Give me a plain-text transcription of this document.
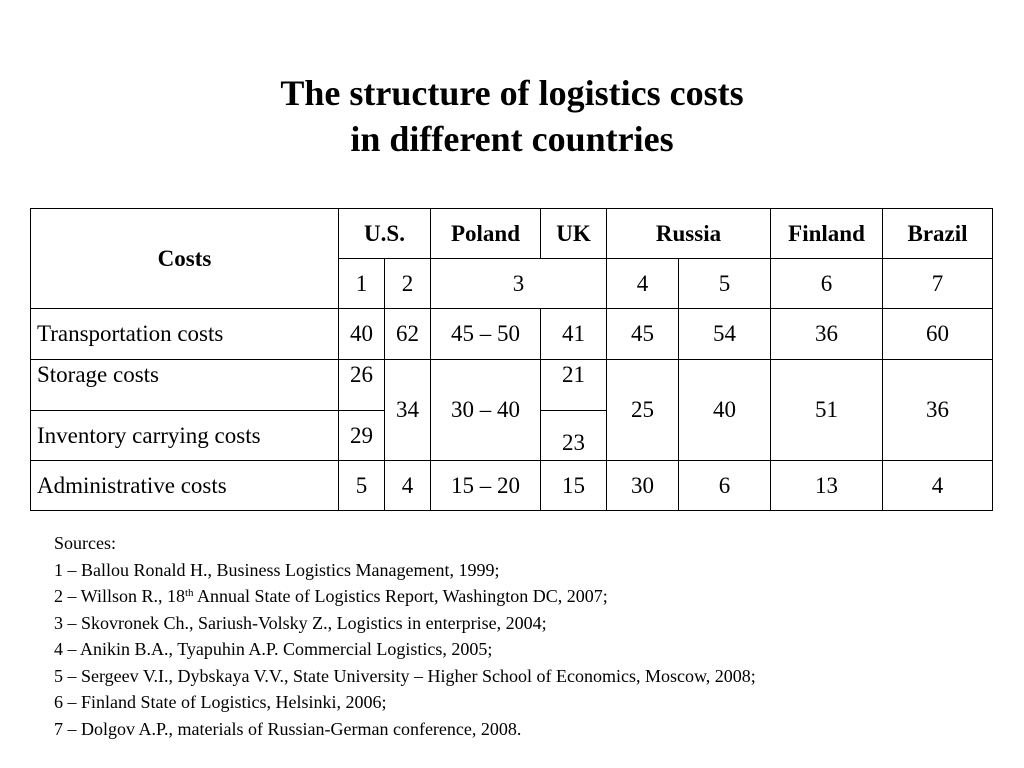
The structure of logistics costs
in different countries
Costs	U.S.		Poland	UK	Russia		Finland	Brazil
	1	2	3		4	5	6	7
Transportation costs	40	62	45 – 50	41	45	54	36	60
Storage costs	26	34	30 – 40	21	25	40	51	36
Inventory carrying costs	29			23				
Administrative costs	5	4	15 – 20	15	30	6	13	4
Sources:
1 – Ballou Ronald H., Business Logistics Management, 1999;
2 – Willson R., 18th Annual State of Logistics Report, Washington DC, 2007;
3 – Skovronek Ch., Sariush-Volsky Z., Logistics in enterprise, 2004;
4 – Anikin B.A., Tyapuhin A.P. Commercial Logistics, 2005;
5 – Sergeev V.I., Dybskaya V.V., State University – Higher School of Economics, Moscow, 2008;
6 – Finland State of Logistics, Helsinki, 2006;
7 – Dolgov A.P., materials of Russian-German conference, 2008.
